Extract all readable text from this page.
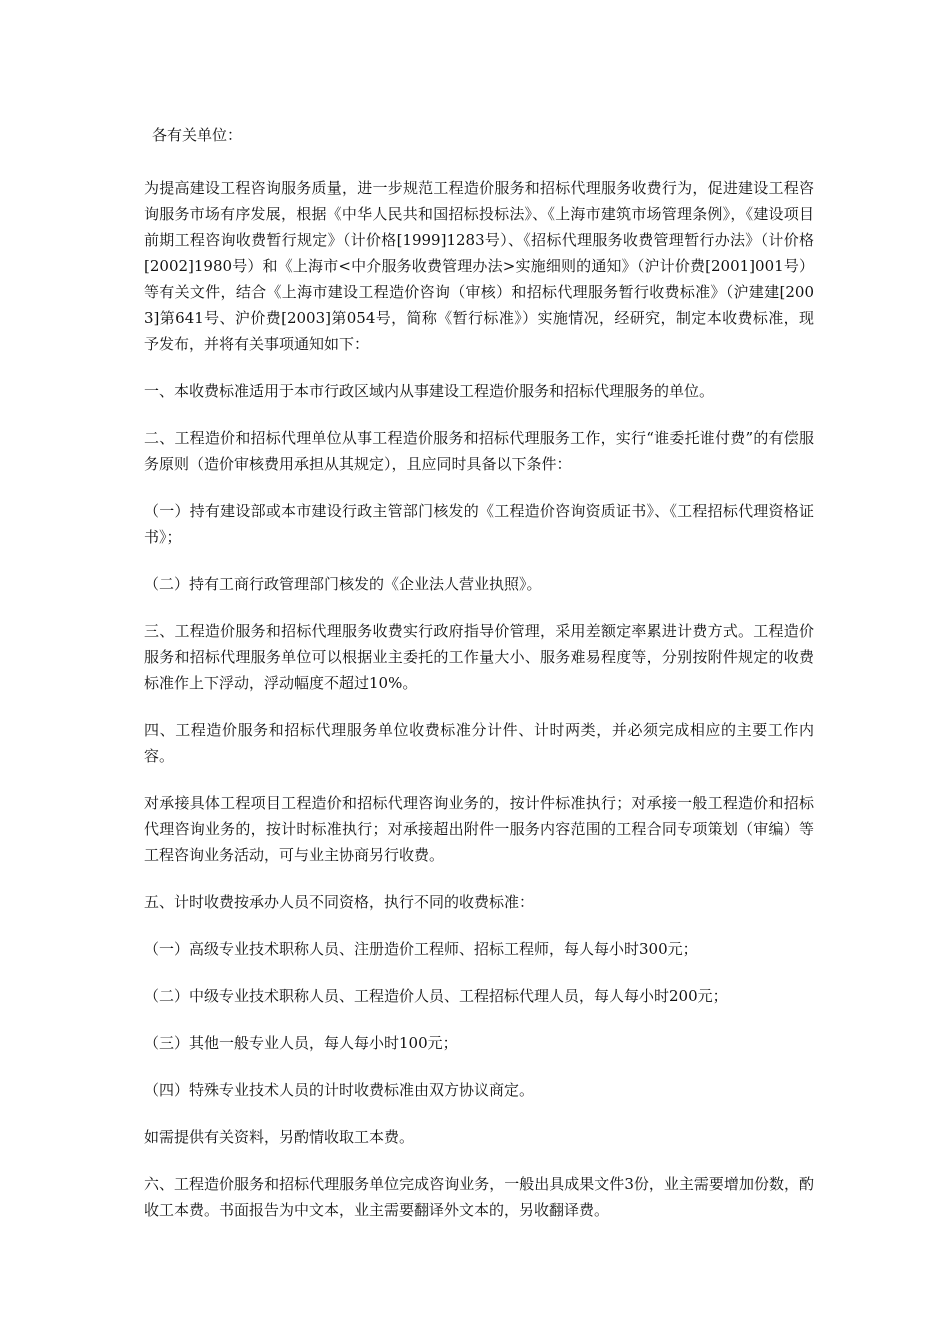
各有关单位：

为提高建设工程咨询服务质量，进一步规范工程造价服务和招标代理服务收费行为，促进建设工程咨询服务市场有序发展，根据《中华人民共和国招标投标法》、《上海市建筑市场管理条例》，《建设项目前期工程咨询收费暂行规定》（计价格[1999]1283号）、《招标代理服务收费管理暂行办法》（计价格[2002]1980号）和《上海市<中介服务收费管理办法>实施细则的通知》（沪计价费[2001]001号）等有关文件，结合《上海市建设工程造价咨询（审核）和招标代理服务暂行收费标准》（沪建建[2003]第641号、沪价费[2003]第054号，简称《暂行标准》）实施情况，经研究，制定本收费标准，现予发布，并将有关事项通知如下：

一、本收费标准适用于本市行政区域内从事建设工程造价服务和招标代理服务的单位。

二、工程造价和招标代理单位从事工程造价服务和招标代理服务工作，实行“谁委托谁付费”的有偿服务原则（造价审核费用承担从其规定），且应同时具备以下条件：

（一）持有建设部或本市建设行政主管部门核发的《工程造价咨询资质证书》、《工程招标代理资格证书》；

（二）持有工商行政管理部门核发的《企业法人营业执照》。

三、工程造价服务和招标代理服务收费实行政府指导价管理，采用差额定率累进计费方式。工程造价服务和招标代理服务单位可以根据业主委托的工作量大小、服务难易程度等，分别按附件规定的收费标准作上下浮动，浮动幅度不超过10%。

四、工程造价服务和招标代理服务单位收费标准分计件、计时两类，并必须完成相应的主要工作内容。

对承接具体工程项目工程造价和招标代理咨询业务的，按计件标准执行；对承接一般工程造价和招标代理咨询业务的，按计时标准执行；对承接超出附件一服务内容范围的工程合同专项策划（审编）等工程咨询业务活动，可与业主协商另行收费。

五、计时收费按承办人员不同资格，执行不同的收费标准：

（一）高级专业技术职称人员、注册造价工程师、招标工程师，每人每小时300元；

（二）中级专业技术职称人员、工程造价人员、工程招标代理人员，每人每小时200元；

（三）其他一般专业人员，每人每小时100元；

（四）特殊专业技术人员的计时收费标准由双方协议商定。

如需提供有关资料，另酌情收取工本费。

六、工程造价服务和招标代理服务单位完成咨询业务，一般出具成果文件3份，业主需要增加份数，酌收工本费。书面报告为中文本，业主需要翻译外文本的，另收翻译费。
